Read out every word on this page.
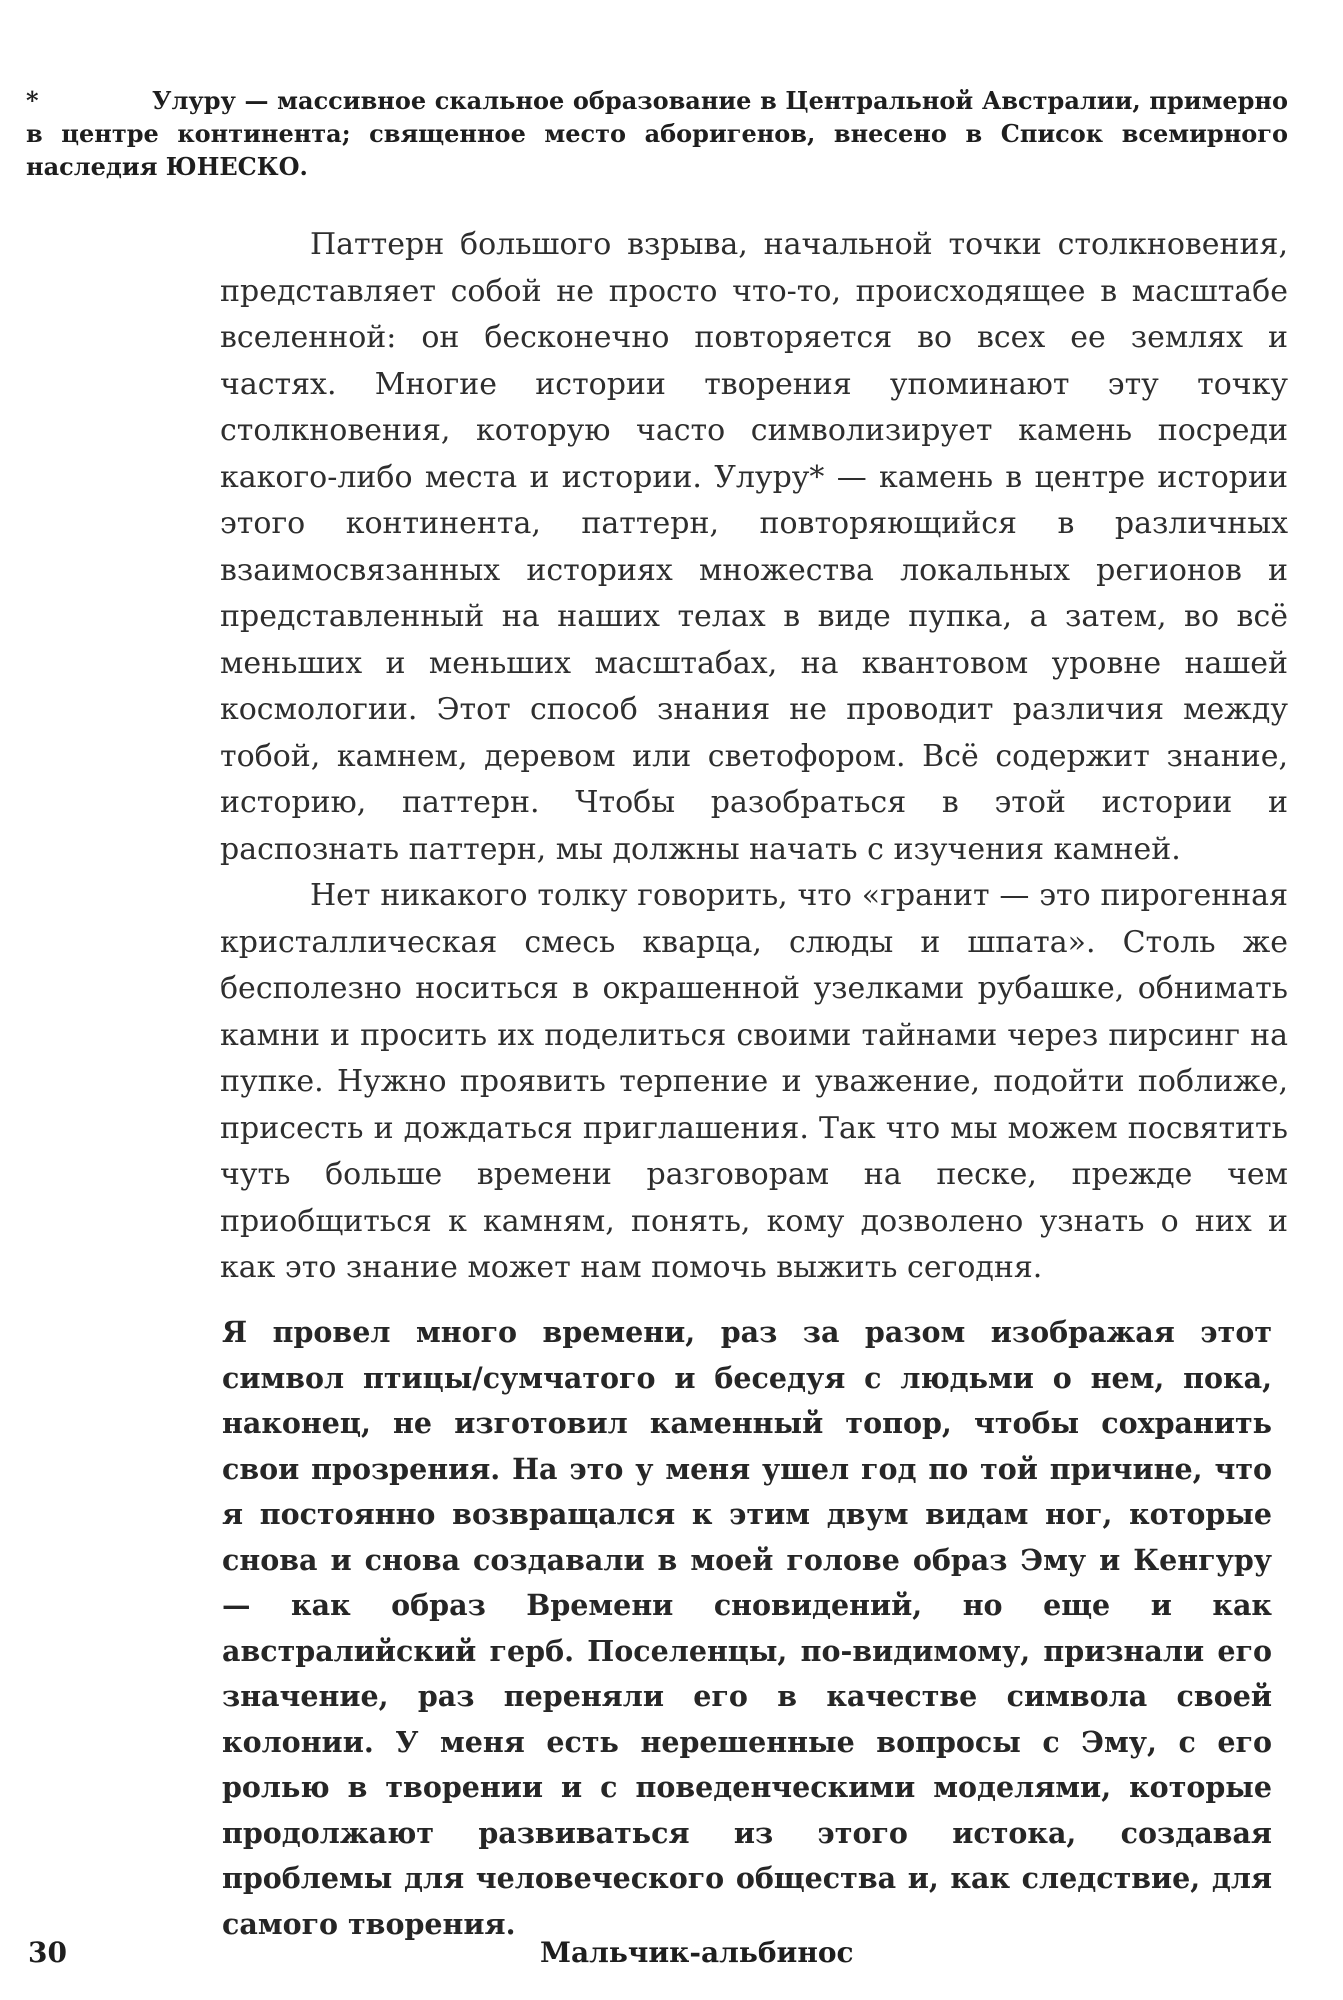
*	Улуру — массивное скальное образование в Центральной Австралии, примерно в центре континента; священное место аборигенов, внесено в Список всемирного наследия ЮНЕСКО.

   Паттерн большого взрыва, начальной точки столкновения, представляет собой не просто что-то, происходящее в масштабе вселенной: он бесконечно повторяется во всех ее землях и частях. Многие истории творения упоминают эту точку столкновения, которую часто символизирует камень посреди какого-либо места и истории. Улуру* — камень в центре истории этого континента, паттерн, повторяющийся в различных взаимосвязанных историях множества локальных регионов и представленный на наших телах в виде пупка, а затем, во всё меньших и меньших масштабах, на квантовом уровне нашей космологии. Этот способ знания не проводит различия между тобой, камнем, деревом или светофором. Всё содержит знание, историю, паттерн. Чтобы разобраться в этой истории и распознать паттерн, мы должны начать с изучения камней.

   Нет никакого толку говорить, что «гранит — это пирогенная кристаллическая смесь кварца, слюды и шпата». Столь же бесполезно носиться в окрашенной узелками рубашке, обнимать камни и просить их поделиться своими тайнами через пирсинг на пупке. Нужно проявить терпение и уважение, подойти поближе, присесть и дождаться приглашения. Так что мы можем посвятить чуть больше времени разговорам на песке, прежде чем приобщиться к камням, понять, кому дозволено узнать о них и как это знание может нам помочь выжить сегодня.

Я провел много времени, раз за разом изображая этот символ птицы/сумчатого и беседуя с людьми о нем, пока, наконец, не изготовил каменный топор, чтобы сохранить свои прозрения. На это у меня ушел год по той причине, что я постоянно возвращался к этим двум видам ног, которые снова и снова создавали в моей голове образ Эму и Кенгуру — как образ Времени сновидений, но еще и как австралийский герб. Поселенцы, по-видимому, признали его значение, раз переняли его в качестве символа своей колонии. У меня есть нерешенные вопросы с Эму, с его ролью в творении и с поведенческими моделями, которые продолжают развиваться из этого истока, создавая проблемы для человеческого общества и, как следствие, для самого творения.

30	Мальчик-альбинос
